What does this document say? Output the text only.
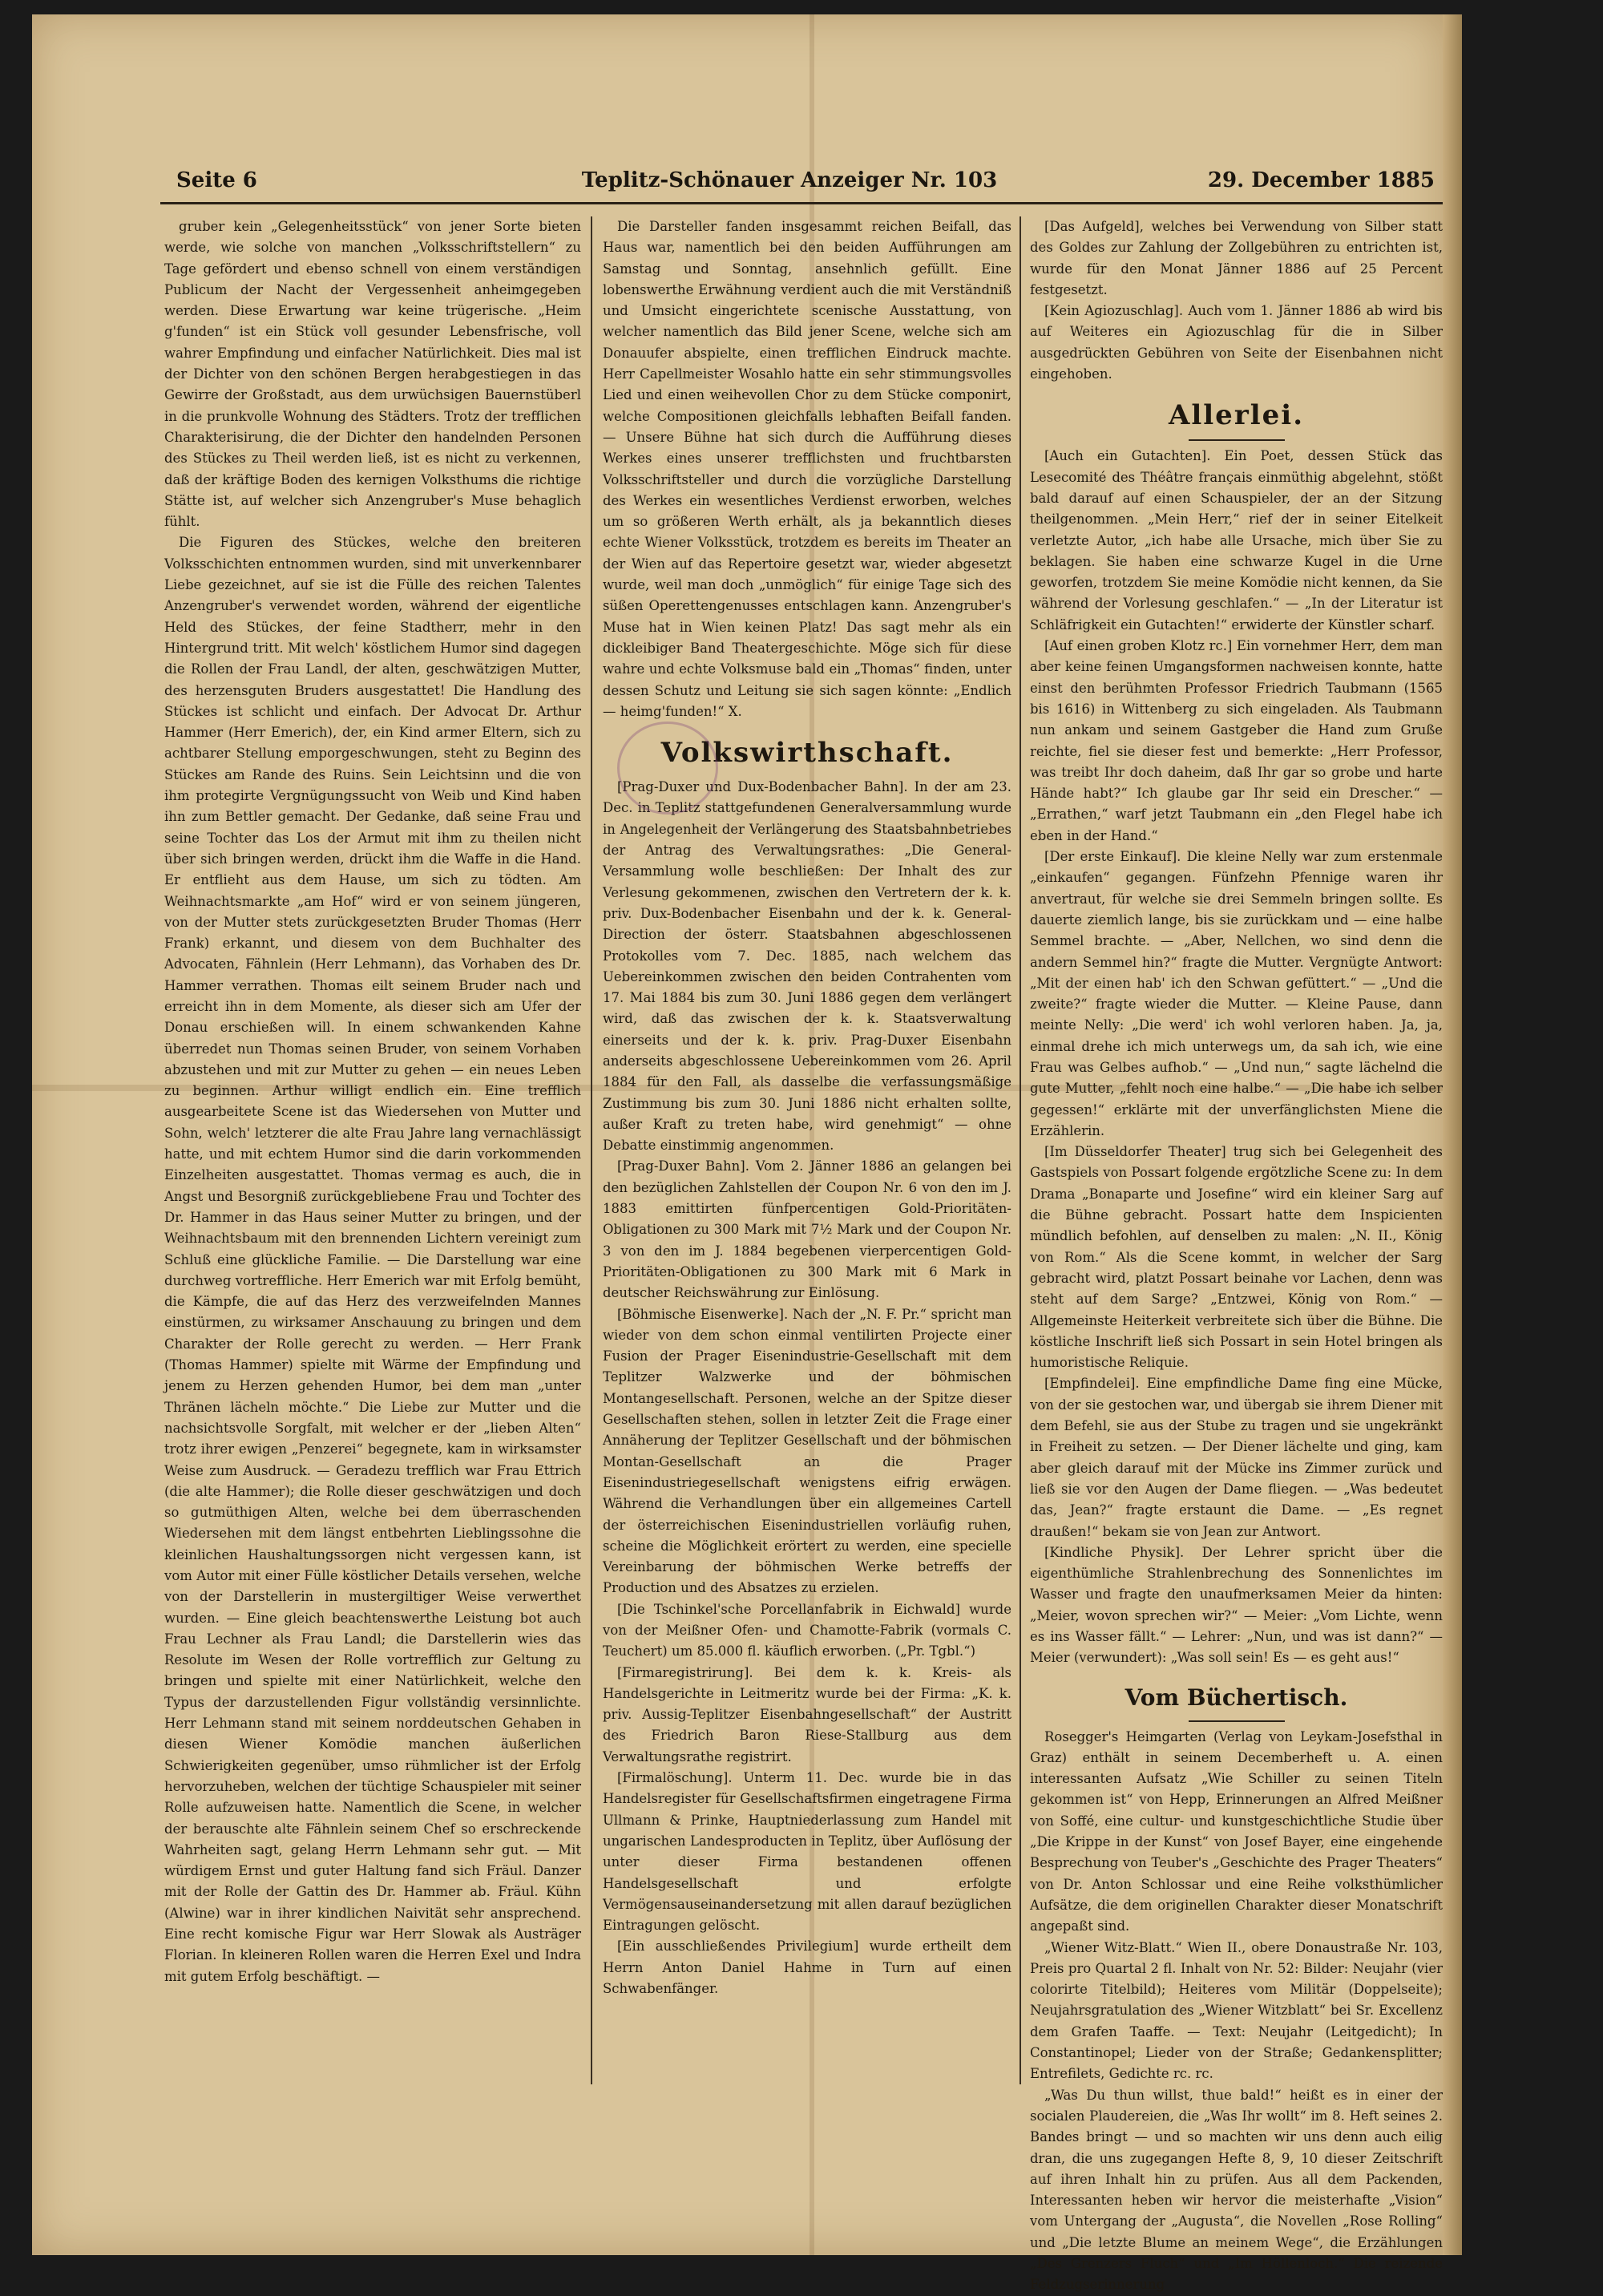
Seite 6	Teplitz-Schönauer Anzeiger Nr. 103	29. December 1885

gruber kein „Gelegenheitsstück“ von jener Sorte bieten werde, wie solche von manchen „Volksschriftstellern“ zu Tage gefördert und ebenso schnell von einem verständigen Publicum der Nacht der Vergessenheit anheimgegeben werden. Diese Erwartung war keine trügerische. „Heim g'funden“ ist ein Stück voll gesunder Lebensfrische, voll wahrer Empfindung und einfacher Natürlichkeit. Dies mal ist der Dichter von den schönen Bergen herabgestiegen in das Gewirre der Großstadt, aus dem urwüchsigen Bauernstüberl in die prunkvolle Wohnung des Städters. Trotz der trefflichen Charakterisirung, die der Dichter den handelnden Personen des Stückes zu Theil werden ließ, ist es nicht zu verkennen, daß der kräftige Boden des kernigen Volksthums die richtige Stätte ist, auf welcher sich Anzengruber's Muse behaglich fühlt.

Die Figuren des Stückes, welche den breiteren Volksschichten entnommen wurden, sind mit unverkennbarer Liebe gezeichnet, auf sie ist die Fülle des reichen Talentes Anzengruber's verwendet worden, während der eigentliche Held des Stückes, der feine Stadtherr, mehr in den Hintergrund tritt. Mit welch' köstlichem Humor sind dagegen die Rollen der Frau Landl, der alten, geschwätzigen Mutter, des herzensguten Bruders ausgestattet! Die Handlung des Stückes ist schlicht und einfach. Der Advocat Dr. Arthur Hammer (Herr Emerich), der, ein Kind armer Eltern, sich zu achtbarer Stellung emporgeschwungen, steht zu Beginn des Stückes am Rande des Ruins. Sein Leichtsinn und die von ihm protegirte Vergnügungssucht von Weib und Kind haben ihn zum Bettler gemacht. Der Gedanke, daß seine Frau und seine Tochter das Los der Armut mit ihm zu theilen nicht über sich bringen werden, drückt ihm die Waffe in die Hand. Er entflieht aus dem Hause, um sich zu tödten. Am Weihnachtsmarkte „am Hof“ wird er von seinem jüngeren, von der Mutter stets zurückgesetzten Bruder Thomas (Herr Frank) erkannt, und diesem von dem Buchhalter des Advocaten, Fähnlein (Herr Lehmann), das Vorhaben des Dr. Hammer verrathen. Thomas eilt seinem Bruder nach und erreicht ihn in dem Momente, als dieser sich am Ufer der Donau erschießen will. In einem schwankenden Kahne überredet nun Thomas seinen Bruder, von seinem Vorhaben abzustehen und mit zur Mutter zu gehen — ein neues Leben zu beginnen. Arthur willigt endlich ein. Eine trefflich ausgearbeitete Scene ist das Wiedersehen von Mutter und Sohn, welch' letzterer die alte Frau Jahre lang vernachlässigt hatte, und mit echtem Humor sind die darin vorkommenden Einzelheiten ausgestattet. Thomas vermag es auch, die in Angst und Besorgniß zurückgebliebene Frau und Tochter des Dr. Hammer in das Haus seiner Mutter zu bringen, und der Weihnachtsbaum mit den brennenden Lichtern vereinigt zum Schluß eine glückliche Familie. — Die Darstellung war eine durchweg vortreffliche. Herr Emerich war mit Erfolg bemüht, die Kämpfe, die auf das Herz des verzweifelnden Mannes einstürmen, zu wirksamer Anschauung zu bringen und dem Charakter der Rolle gerecht zu werden. — Herr Frank (Thomas Hammer) spielte mit Wärme der Empfindung und jenem zu Herzen gehenden Humor, bei dem man „unter Thränen lächeln möchte.“ Die Liebe zur Mutter und die nachsichtsvolle Sorgfalt, mit welcher er der „lieben Alten“ trotz ihrer ewigen „Penzerei“ begegnete, kam in wirksamster Weise zum Ausdruck. — Geradezu trefflich war Frau Ettrich (die alte Hammer); die Rolle dieser geschwätzigen und doch so gutmüthigen Alten, welche bei dem überraschenden Wiedersehen mit dem längst entbehrten Lieblingssohne die kleinlichen Haushaltungssorgen nicht vergessen kann, ist vom Autor mit einer Fülle köstlicher Details versehen, welche von der Darstellerin in mustergiltiger Weise verwerthet wurden. — Eine gleich beachtenswerthe Leistung bot auch Frau Lechner als Frau Landl; die Darstellerin wies das Resolute im Wesen der Rolle vortrefflich zur Geltung zu bringen und spielte mit einer Natürlichkeit, welche den Typus der darzustellenden Figur vollständig versinnlichte. Herr Lehmann stand mit seinem norddeutschen Gehaben in diesen Wiener Komödie manchen äußerlichen Schwierigkeiten gegenüber, umso rühmlicher ist der Erfolg hervorzuheben, welchen der tüchtige Schauspieler mit seiner Rolle aufzuweisen hatte. Namentlich die Scene, in welcher der berauschte alte Fähnlein seinem Chef so erschreckende Wahrheiten sagt, gelang Herrn Lehmann sehr gut. — Mit würdigem Ernst und guter Haltung fand sich Fräul. Danzer mit der Rolle der Gattin des Dr. Hammer ab. Fräul. Kühn (Alwine) war in ihrer kindlichen Naivität sehr ansprechend. Eine recht komische Figur war Herr Slowak als Austräger Florian. In kleineren Rollen waren die Herren Exel und Indra mit gutem Erfolg beschäftigt. —

Die Darsteller fanden insgesammt reichen Beifall, das Haus war, namentlich bei den beiden Aufführungen am Samstag und Sonntag, ansehnlich gefüllt. Eine lobenswerthe Erwähnung verdient auch die mit Verständniß und Umsicht eingerichtete scenische Ausstattung, von welcher namentlich das Bild jener Scene, welche sich am Donauufer abspielte, einen trefflichen Eindruck machte. Herr Capellmeister Wosahlo hatte ein sehr stimmungsvolles Lied und einen weihevollen Chor zu dem Stücke componirt, welche Compositionen gleichfalls lebhaften Beifall fanden. — Unsere Bühne hat sich durch die Aufführung dieses Werkes eines unserer trefflichsten und fruchtbarsten Volksschriftsteller und durch die vorzügliche Darstellung des Werkes ein wesentliches Verdienst erworben, welches um so größeren Werth erhält, als ja bekanntlich dieses echte Wiener Volksstück, trotzdem es bereits im Theater an der Wien auf das Repertoire gesetzt war, wieder abgesetzt wurde, weil man doch „unmöglich“ für einige Tage sich des süßen Operettengenusses entschlagen kann. Anzengruber's Muse hat in Wien keinen Platz! Das sagt mehr als ein dickleibiger Band Theatergeschichte. Möge sich für diese wahre und echte Volksmuse bald ein „Thomas“ finden, unter dessen Schutz und Leitung sie sich sagen könnte: „Endlich — heimg'funden!“ X.

Volkswirthschaft.

[Prag-Duxer und Dux-Bodenbacher Bahn]. In der am 23. Dec. in Teplitz stattgefundenen Generalversammlung wurde in Angelegenheit der Verlängerung des Staatsbahnbetriebes der Antrag des Verwaltungsrathes: „Die General-Versammlung wolle beschließen: Der Inhalt des zur Verlesung gekommenen, zwischen den Vertretern der k. k. priv. Dux-Bodenbacher Eisenbahn und der k. k. General-Direction der österr. Staatsbahnen abgeschlossenen Protokolles vom 7. Dec. 1885, nach welchem das Uebereinkommen zwischen den beiden Contrahenten vom 17. Mai 1884 bis zum 30. Juni 1886 gegen dem verlängert wird, daß das zwischen der k. k. Staatsverwaltung einerseits und der k. k. priv. Prag-Duxer Eisenbahn anderseits abgeschlossene Uebereinkommen vom 26. April 1884 für den Fall, als dasselbe die verfassungsmäßige Zustimmung bis zum 30. Juni 1886 nicht erhalten sollte, außer Kraft zu treten habe, wird genehmigt“ — ohne Debatte einstimmig angenommen.

[Prag-Duxer Bahn]. Vom 2. Jänner 1886 an gelangen bei den bezüglichen Zahlstellen der Coupon Nr. 6 von den im J. 1883 emittirten fünfpercentigen Gold-Prioritäten-Obligationen zu 300 Mark mit 7½ Mark und der Coupon Nr. 3 von den im J. 1884 begebenen vierpercentigen Gold-Prioritäten-Obligationen zu 300 Mark mit 6 Mark in deutscher Reichswährung zur Einlösung.

[Böhmische Eisenwerke]. Nach der „N. F. Pr.“ spricht man wieder von dem schon einmal ventilirten Projecte einer Fusion der Prager Eisenindustrie-Gesellschaft mit dem Teplitzer Walzwerke und der böhmischen Montangesellschaft. Personen, welche an der Spitze dieser Gesellschaften stehen, sollen in letzter Zeit die Frage einer Annäherung der Teplitzer Gesellschaft und der böhmischen Montan-Gesellschaft an die Prager Eisenindustriegesellschaft wenigstens eifrig erwägen. Während die Verhandlungen über ein allgemeines Cartell der österreichischen Eisenindustriellen vorläufig ruhen, scheine die Möglichkeit erörtert zu werden, eine specielle Vereinbarung der böhmischen Werke betreffs der Production und des Absatzes zu erzielen.

[Die Tschinkel'sche Porcellanfabrik in Eichwald] wurde von der Meißner Ofen- und Chamotte-Fabrik (vormals C. Teuchert) um 85.000 fl. käuflich erworben. („Pr. Tgbl.“)

[Firmaregistrirung]. Bei dem k. k. Kreis- als Handelsgerichte in Leitmeritz wurde bei der Firma: „K. k. priv. Aussig-Teplitzer Eisenbahngesellschaft“ der Austritt des Friedrich Baron Riese-Stallburg aus dem Verwaltungsrathe registrirt.

[Firmalöschung]. Unterm 11. Dec. wurde bie in das Handelsregister für Gesellschaftsfirmen eingetragene Firma Ullmann & Prinke, Hauptniederlassung zum Handel mit ungarischen Landesproducten in Teplitz, über Auflösung der unter dieser Firma bestandenen offenen Handelsgesellschaft und erfolgte Vermögensauseinandersetzung mit allen darauf bezüglichen Eintragungen gelöscht.

[Ein ausschließendes Privilegium] wurde ertheilt dem Herrn Anton Daniel Hahme in Turn auf einen Schwabenfänger.

[Das Aufgeld], welches bei Verwendung von Silber statt des Goldes zur Zahlung der Zollgebühren zu entrichten ist, wurde für den Monat Jänner 1886 auf 25 Percent festgesetzt.

[Kein Agiozuschlag]. Auch vom 1. Jänner 1886 ab wird bis auf Weiteres ein Agiozuschlag für die in Silber ausgedrückten Gebühren von Seite der Eisenbahnen nicht eingehoben.

Allerlei.

[Auch ein Gutachten]. Ein Poet, dessen Stück das Lesecomité des Théâtre français einmüthig abgelehnt, stößt bald darauf auf einen Schauspieler, der an der Sitzung theilgenommen. „Mein Herr,“ rief der in seiner Eitelkeit verletzte Autor, „ich habe alle Ursache, mich über Sie zu beklagen. Sie haben eine schwarze Kugel in die Urne geworfen, trotzdem Sie meine Komödie nicht kennen, da Sie während der Vorlesung geschlafen.“ — „In der Literatur ist Schläfrigkeit ein Gutachten!“ erwiderte der Künstler scharf.

[Auf einen groben Klotz rc.] Ein vornehmer Herr, dem man aber keine feinen Umgangsformen nachweisen konnte, hatte einst den berühmten Professor Friedrich Taubmann (1565 bis 1616) in Wittenberg zu sich eingeladen. Als Taubmann nun ankam und seinem Gastgeber die Hand zum Gruße reichte, fiel sie dieser fest und bemerkte: „Herr Professor, was treibt Ihr doch daheim, daß Ihr gar so grobe und harte Hände habt?“ Ich glaube gar Ihr seid ein Drescher.“ — „Errathen,“ warf jetzt Taubmann ein „den Flegel habe ich eben in der Hand.“

[Der erste Einkauf]. Die kleine Nelly war zum erstenmale „einkaufen“ gegangen. Fünfzehn Pfennige waren ihr anvertraut, für welche sie drei Semmeln bringen sollte. Es dauerte ziemlich lange, bis sie zurückkam und — eine halbe Semmel brachte. — „Aber, Nellchen, wo sind denn die andern Semmel hin?“ fragte die Mutter. Vergnügte Antwort: „Mit der einen hab' ich den Schwan gefüttert.“ — „Und die zweite?“ fragte wieder die Mutter. — Kleine Pause, dann meinte Nelly: „Die werd' ich wohl verloren haben. Ja, ja, einmal drehe ich mich unterwegs um, da sah ich, wie eine Frau was Gelbes aufhob.“ — „Und nun,“ sagte lächelnd die gute Mutter, „fehlt noch eine halbe.“ — „Die habe ich selber gegessen!“ erklärte mit der unverfänglichsten Miene die Erzählerin.

[Im Düsseldorfer Theater] trug sich bei Gelegenheit des Gastspiels von Possart folgende ergötzliche Scene zu: In dem Drama „Bonaparte und Josefine“ wird ein kleiner Sarg auf die Bühne gebracht. Possart hatte dem Inspicienten mündlich befohlen, auf denselben zu malen: „N. II., König von Rom.“ Als die Scene kommt, in welcher der Sarg gebracht wird, platzt Possart beinahe vor Lachen, denn was steht auf dem Sarge? „Entzwei, König von Rom.“ — Allgemeinste Heiterkeit verbreitete sich über die Bühne. Die köstliche Inschrift ließ sich Possart in sein Hotel bringen als humoristische Reliquie.

[Empfindelei]. Eine empfindliche Dame fing eine Mücke, von der sie gestochen war, und übergab sie ihrem Diener mit dem Befehl, sie aus der Stube zu tragen und sie ungekränkt in Freiheit zu setzen. — Der Diener lächelte und ging, kam aber gleich darauf mit der Mücke ins Zimmer zurück und ließ sie vor den Augen der Dame fliegen. — „Was bedeutet das, Jean?“ fragte erstaunt die Dame. — „Es regnet draußen!“ bekam sie von Jean zur Antwort.

[Kindliche Physik]. Der Lehrer spricht über die eigenthümliche Strahlenbrechung des Sonnenlichtes im Wasser und fragte den unaufmerksamen Meier da hinten: „Meier, wovon sprechen wir?“ — Meier: „Vom Lichte, wenn es ins Wasser fällt.“ — Lehrer: „Nun, und was ist dann?“ — Meier (verwundert): „Was soll sein! Es — es geht aus!“

Vom Büchertisch.

Rosegger's Heimgarten (Verlag von Leykam-Josefsthal in Graz) enthält in seinem Decemberheft u. A. einen interessanten Aufsatz „Wie Schiller zu seinen Titeln gekommen ist“ von Hepp, Erinnerungen an Alfred Meißner von Soffé, eine cultur- und kunstgeschichtliche Studie über „Die Krippe in der Kunst“ von Josef Bayer, eine eingehende Besprechung von Teuber's „Geschichte des Prager Theaters“ von Dr. Anton Schlossar und eine Reihe volksthümlicher Aufsätze, die dem originellen Charakter dieser Monatschrift angepaßt sind.

„Wiener Witz-Blatt.“ Wien II., obere Donaustraße Nr. 103, Preis pro Quartal 2 fl. Inhalt von Nr. 52: Bilder: Neujahr (vier colorirte Titelbild); Heiteres vom Militär (Doppelseite); Neujahrsgratulation des „Wiener Witzblatt“ bei Sr. Excellenz dem Grafen Taaffe. — Text: Neujahr (Leitgedicht); In Constantinopel; Lieder von der Straße; Gedankensplitter; Entrefilets, Gedichte rc. rc.

„Was Du thun willst, thue bald!“ heißt es in einer der socialen Plaudereien, die „Was Ihr wollt“ im 8. Heft seines 2. Bandes bringt — und so machten wir uns denn auch eilig dran, die uns zugegangen Hefte 8, 9, 10 dieser Zeitschrift auf ihren Inhalt hin zu prüfen. Aus all dem Packenden, Interessanten heben wir hervor die meisterhafte „Vision“ vom Untergang der „Augusta“, die Novellen „Rose Rolling“ und „Die letzte Blume an meinem Wege“, die Erzählungen „Des Grenzers Fluch“ und „Im Höllenloch.“ Die reizende Feldzugserinnerung
